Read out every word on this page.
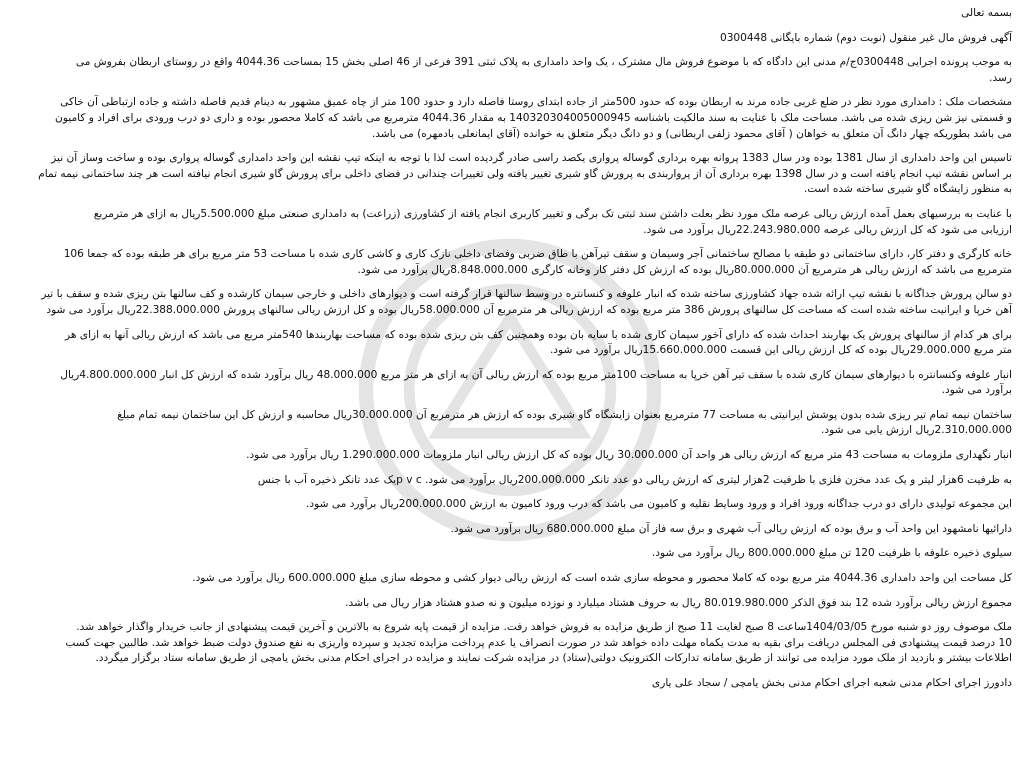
بسمه تعالی
آگهی فروش مال غیر منقول (نوبت دوم) شماره بایگانی 0300448
به موجب پرونده اجرایی 0300448ج/م مدنی این دادگاه که با موضوع فروش مال مشترک ، یک واحد دامداری به پلاک ثبتی 391 فرعی از 46 اصلی بخش 15 بمساحت 4044.36 واقع در روستای اربطان بفروش می
رسد.
مشخصات ملک : دامداری مورد نظر در ضلع غربی جاده مرند به اربطان بوده که حدود 500متر از جاده ابتدای روستا فاصله دارد و حدود 100 متر از چاه عمیق مشهور به دینام قدیم فاصله داشته و جاده ارتباطی آن خاکی
و قسمتی نیز شن ریزی شده می باشد. مساحت ملک با عنایت به سند مالکیت باشناسه 140320304005000945 به مقدار 4044.36 مترمربع می باشد که کاملا محصور بوده و داری دو درب ورودی برای افراد و کامیون
می باشد بطوریکه چهار دانگ آن متعلق به خواهان ( آقای محمود زلفی اربطانی) و دو دانگ دیگر متعلق به خوانده (آقای ایمانعلی بادمهره) می باشد.
تاسیس این واحد دامداری از سال 1381 بوده ودر سال 1383 پروانه بهره برداری گوساله پرواری یکصد راسی صادر گردیده است لذا با توجه به اینکه تیپ نقشه این واحد دامداری گوساله پرواری بوده و ساخت وساز آن نیز
بر اساس نقشه تیپ انجام یافته است و در سال 1398 بهره برداری آن از پرواربندی به پرورش گاو شیری تغییر یافته ولی تغییرات چندانی در فضای داخلی برای پرورش گاو شیری انجام نیافته است هر چند ساختمانی نیمه تمام
به منظور زایشگاه گاو شیری ساخته شده است.
با عنایت به بررسیهای بعمل آمده ارزش ریالی عرصه ملک مورد نظر بعلت داشتن سند ثبتی تک برگی و تغییر کاربری انجام یافته از کشاورزی (زراعت) به دامداری صنعتی مبلغ 5.500.000ریال به ازای هر مترمربع
ارزیابی می شود که کل ارزش ریالی عرصه 22.243.980.000ریال برآورد می شود.
خانه کارگری و دفتر کار، دارای ساختمانی دو طبقه با مصالح ساختمانی آجر وسیمان و سقف تیرآهن با طاق ضربی وفضای داخلی نازک کاری و کاشی کاری شده با مساحت 53 متر مربع برای هر طبقه بوده که جمعا 106
مترمربع می باشد که ارزش ریالی هر مترمربع آن 80.000.000ریال بوده که ارزش کل دفتر کار وخانه کارگری 8.848.000.000ریال برآورد می شود.
دو سالن پرورش جداگانه با نقشه تیپ ارائه شده جهاد کشاورزی ساخته شده که انبار علوفه و کنسانتره در وسط سالنها قرار گرفته است و دیوارهای داخلی و خارجی سیمان کارشده و کف سالنها بتن ریزی شده و سقف با تیر
آهن خرپا و ایرانیت ساخته شده است که مساحت کل سالنهای پرورش 386 متر مربع بوده که ارزش ریالی هر مترمربع آن 58.000.000ریال بوده و کل ارزش ریالی سالنهای پرورش 22.388.000.000ریال برآورد می شود
برای هر کدام از سالنهای پرورش یک بهاربند احداث شده که دارای آخور سیمان کاری شده با سایه بان بوده وهمچنین کف بتن ریزی شده بوده که مساحت بهاربندها 540متر مربع می باشد که ارزش ریالی آنها به ازای هر
متر مربع 29.000.000ریال بوده که کل ارزش ریالی این قسمت 15.660.000.000ریال برآورد می شود.
انبار علوفه وکنسانتره با دیوارهای سیمان کاری شده با سقف تیر آهن خرپا به مساحت 100متر مربع بوده که ارزش ریالی آن به ازای هر متر مربع 48.000.000 ریال برآورد شده که ارزش کل انبار 4.800.000.000ریال
برآورد می شود.
ساختمان نیمه تمام تیر ریزی شده بدون پوشش ایرانیتی به مساحت 77 مترمربع بعنوان زایشگاه گاو شیری بوده که ارزش هر مترمربع آن 30.000.000ریال محاسبه و ارزش کل این ساختمان نیمه تمام مبلغ
2.310.000.000ریال ارزش یابی می شود.
انبار نگهداری ملزومات به مساحت 43 متر مربع که ارزش ریالی هر واحد آن 30.000.000 ریال بوده که کل ارزش ریالی انبار ملزومات 1.290.000.000 ریال برآورد می شود.
به ظرفیت 6هزار لیتر و یک عدد مخزن فلزی با ظرفیت 2هزار لیتری که ارزش ریالی دو عدد تانکر 200.000.000ریال برآورد می شود. p v cیک عدد تانکر ذخیره آب با جنس
این مجموعه تولیدی دارای دو درب جداگانه ورود افراد و ورود وسایط نقلیه و کامیون می باشد که درب ورود کامیون به ارزش 200.000.000ریال برآورد می شود.
دارائیها نامشهود این واحد آب و برق بوده که ارزش ریالی آب شهری و برق سه فاز آن مبلغ 680.000.000 ریال برآورد می شود.
سیلوی ذخیره علوفه با ظرفیت 120 تن مبلغ 800.000.000 ریال برآورد می شود.
کل مساحت این واحد دامداری 4044.36 متر مربع بوده که کاملا محصور و محوطه سازی شده است که ارزش ریالی دیوار کشی و محوطه سازی مبلغ 600.000.000 ریال برآورد می شود.
مجموع ارزش ریالی برآورد شده 12 بند فوق الذکر 80.019.980.000 ریال به حروف هشتاد میلیارد و نوزده میلیون و نه صدو هشتاد هزار ریال می باشد.
ملک موصوف روز دو شنبه مورخ 1404/03/05ساعت 8 صبح لغایت 11 صبح از طریق مزایده به فروش خواهد رفت. مزایده از قیمت پایه شروع به بالاترین و آخرین قیمت پیشنهادی از جانب خریدار واگذار خواهد شد.
10 درصد قیمت پیشنهادی فی المجلس دریافت برای بقیه به مدت یکماه مهلت داده خواهد شد در صورت انصراف یا عدم پرداخت مزایده تجدید و سپرده واریزی به نفع صندوق دولت ضبط خواهد شد. طالبین جهت کسب
اطلاعات بیشتر و بازدید از ملک مورد مزایده می توانند از طریق سامانه تدارکات الکترونیک دولتی(ستاد) در مزایده شرکت نمایند و مزایده در اجرای احکام مدنی بخش یامچی از طریق سامانه ستاد برگزار میگردد.
دادورز اجرای احکام مدنی شعبه اجرای احکام مدنی بخش یامچی / سجاد علی یاری
